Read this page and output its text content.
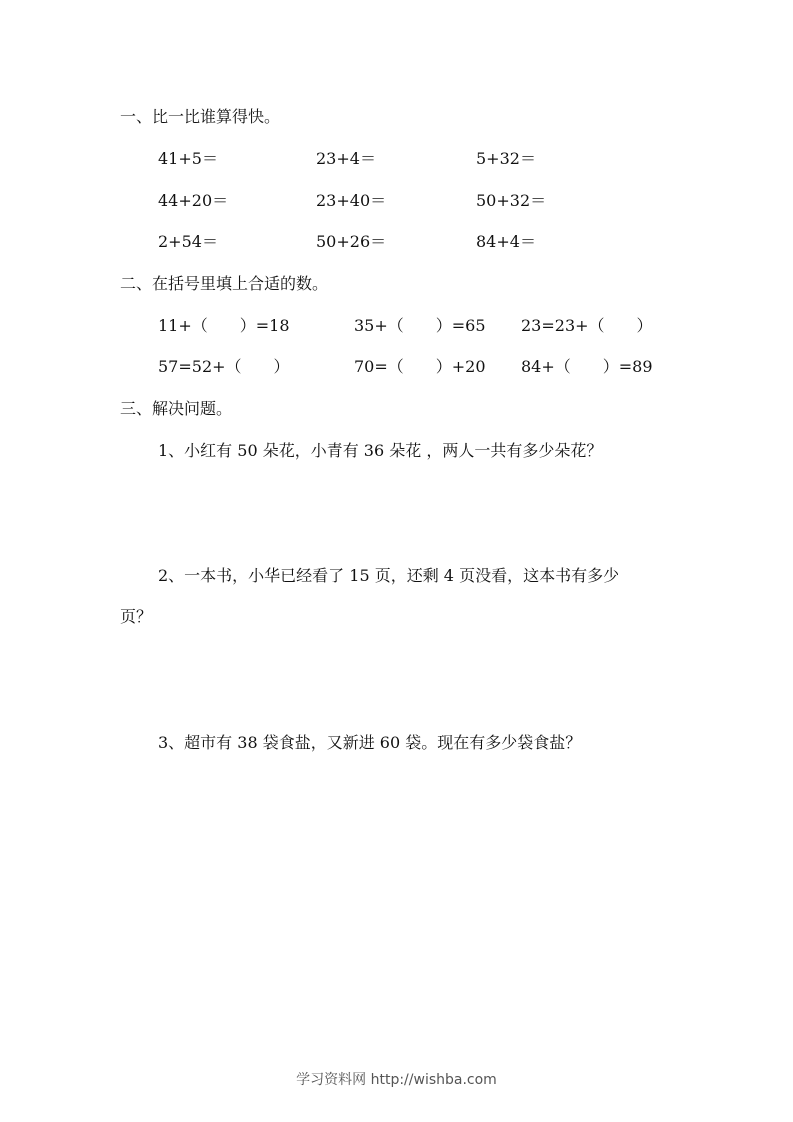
一、比一比谁算得快。
41+5＝	23+4＝	5+32＝
44+20＝	23+40＝	50+32＝
2+54＝	50+26＝	84+4＝
二、在括号里填上合适的数。
11+（　　）=18	35+（　　）=65 23=23+（　　）
57=52+（　　）	70=（　　）+20 84+（　　）=89
三、解决问题。
1、小红有 50 朵花，小青有 36 朵花 ，两人一共有多少朵花？
2、一本书，小华已经看了 15 页，还剩 4 页没看，这本书有多少
页？
3、超市有 38 袋食盐，又新进 60 袋。现在有多少袋食盐？
学习资料网 http://wishba.com
